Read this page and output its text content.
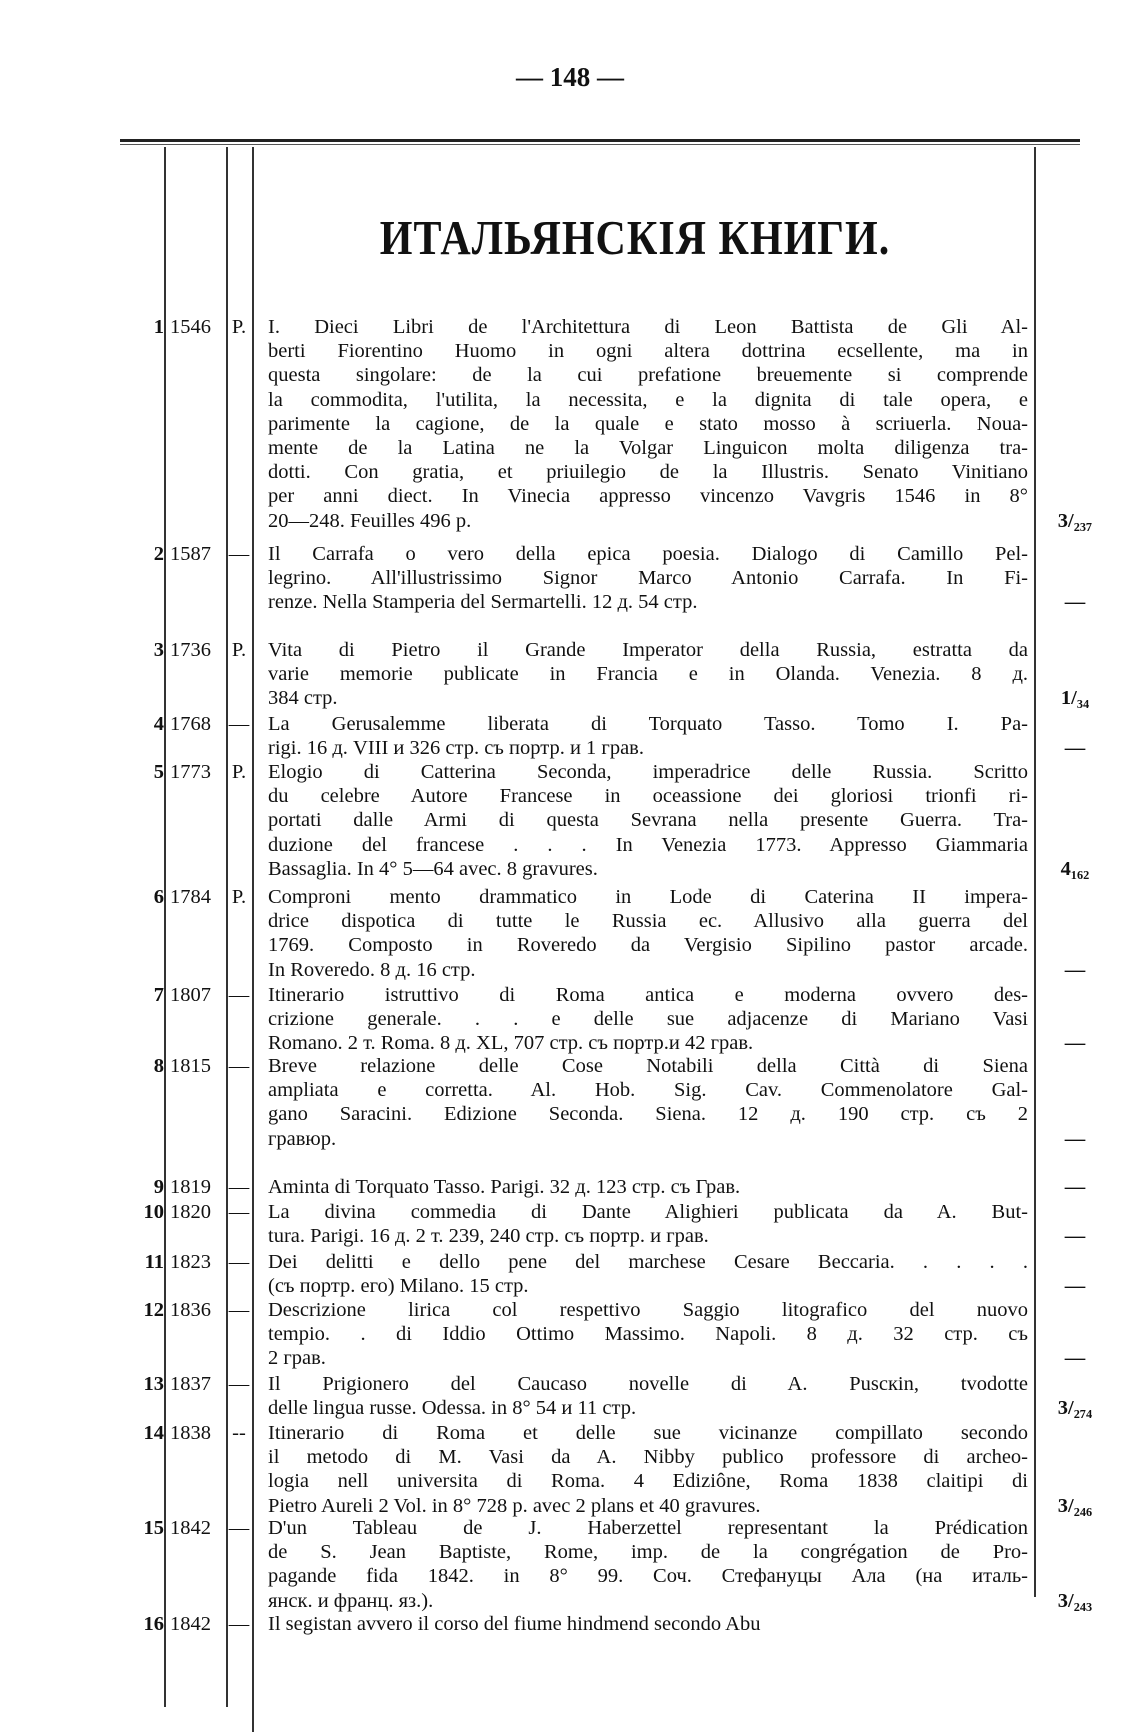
— 148 —
ИТАЛЬЯНСКІЯ КНИГИ.
1 1546	P. I. Dieci Libri de l'Architettura di Leon Battista de Gli Al-
berti Fiorentino Huomo in ogni altera dottrina ecsellente, ma in
questa singolare: de la cui prefatione breuemente si comprende
la commodita, l'utilita, la necessita, e la dignita di tale opera, e
parimente la cagione, de la quale e stato mosso à scriuerla. Noua-
mente de la Latina ne la Volgar Linguicon molta diligenza tra-
dotti. Con gratia, et priuilegio de la Illustris. Senato Vinitiano
per anni diect. In Vinecia appresso vincenzo Vavgris 1546 in 8°
20—248. Feuilles 496 p.	3/₂₃₇
2 1587 — Il Carrafa o vero della epica poesia. Dialogo di Camillo Pel-
legrino. All'illustrissimo Signor Marco Antonio Carrafa. In Fi-
renze. Nella Stamperia del Sermartelli. 12 д. 54 стр.	—
3 1736	P. Vita di Pietro il Grande Imperator della Russia, estratta da
varie memorie publicate in Francia e in Olanda. Venezia. 8 д.
384 стр.	1/₃₄
4 1768 — La Gerusalemme liberata di Torquato Tasso. Tomo I. Pa-
rigi. 16 д. VIII и 326 стр. съ портр. и 1 грав.	—
5 1773	P. Elogio di Catterina Seconda, imperadrice delle Russia. Scritto
du celebre Autore Francese in oceassione dei gloriosi trionfi ri-
portati dalle Armi di questa Sevrana nella presente Guerra. Tra-
duzione del francese . . . In Venezia 1773. Appresso Giammaria
Bassaglia. In 4° 5—64 avec. 8 gravures.	4₁₆₂
6 1784	P. Comproni mento drammatico in Lode di Caterina II impera-
drice dispotica di tutte le Russia ec. Allusivo alla guerra del
1769. Composto in Roveredo da Vergisio Sipilino pastor arcade.
In Roveredo. 8 д. 16 стр.	—
7 1807 — Itinerario istruttivo di Roma antica e moderna ovvero des-
crizione generale. . . e delle sue adjacenze di Mariano Vasi
Romano. 2 т. Roma. 8 д. XL, 707 стр. съ портр.и 42 грав.	—
8 1815 — Breve relazione delle Cose Notabili della Città di Siena
ampliata e corretta. Al. Hob. Sig. Cav. Commenolatore Gal-
gano Saracini. Edizione Seconda. Siena. 12 д. 190 стр. съ 2
гравюр.	—
9 1819 — Aminta di Torquato Tasso. Parigi. 32 д. 123 стр. съ Грав.	—
10 1820 — La divina commedia di Dante Alighieri publicata da A. But-
tura. Parigi. 16 д. 2 т. 239, 240 стр. съ портр. и грав.	—
11 1823 — Dei delitti e dello pene del marchese Cesare Beccaria. . . . .
(съ портр. его) Milano. 15 стр.	—
12 1836 — Descrizione lirica col respettivo Saggio litografico del nuovo
tempio. . di Iddio Ottimo Massimo. Napoli. 8 д. 32 стр. съ
2 грав.	—
13 1837 — Il Prigionero del Caucaso novelle di A. Puscкin, tvodotte
delle lingua russe. Odessa. in 8° 54 и 11 стр.	3/₂₇₄
14 1838	-- Itinerario di Roma et delle sue vicinanze compillato secondo
il metodo di M. Vasi da A. Nibby publico professore di archeo-
logia nell universita di Roma. 4 Ediziône, Roma 1838 claitipi di
Pietro Aureli 2 Vol. in 8° 728 p. avec 2 plans et 40 gravures.	3/₂₄₆
15 1842 — D'un Tableau de J. Haberzettel representant la Prédication
de S. Jean Baptiste, Rome, imp. de la congrégation de Pro-
pagande fida 1842. in 8° 99. Соч. Стефануцы Ала (на италь-
янск. и франц. яз.).	3/₂₄₃
16 1842 — Il segistan avvero il corso del fiume hindmend secondo Abu
